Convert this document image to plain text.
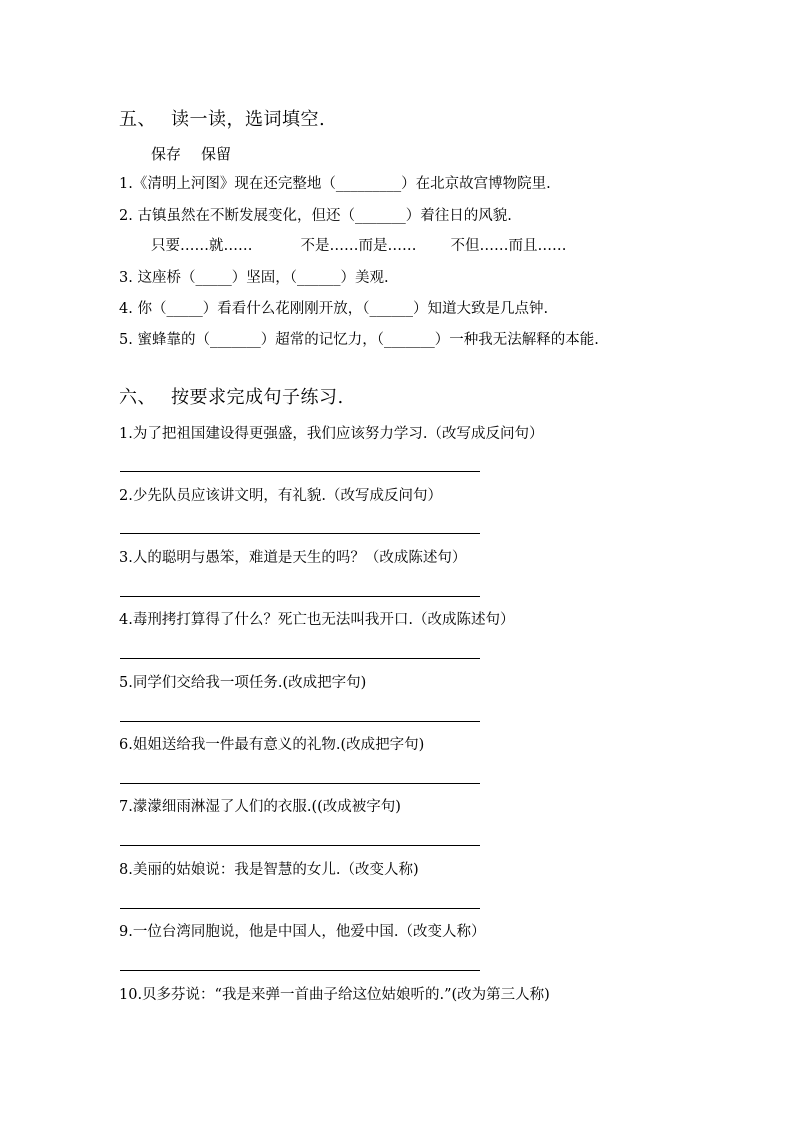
五、 读一读，选词填空.
保存 保留
1.《清明上河图》现在还完整地（_________）在北京故宫博物院里.
2. 古镇虽然在不断发展变化，但还（_______）着往日的风貌.
只要……就……	不是……而是…… 不但……而且……
3. 这座桥（_____）坚固，（______）美观.
4. 你（_____）看看什么花刚刚开放，（______）知道大致是几点钟.
5. 蜜蜂靠的（_______）超常的记忆力，（_______）一种我无法解释的本能.
六、 按要求完成句子练习.
1.为了把祖国建设得更强盛，我们应该努力学习.（改写成反问句）
2.少先队员应该讲文明，有礼貌.（改写成反问句）
3.人的聪明与愚笨，难道是天生的吗？（改成陈述句）
4.毒刑拷打算得了什么？死亡也无法叫我开口.（改成陈述句）
5.同学们交给我一项任务.(改成把字句)
6.姐姐送给我一件最有意义的礼物.(改成把字句)
7.濛濛细雨淋湿了人们的衣服.((改成被字句)
8.美丽的姑娘说：我是智慧的女儿.（改变人称)
9.一位台湾同胞说，他是中国人，他爱中国.（改变人称）
10.贝多芬说：“我是来弹一首曲子给这位姑娘听的.”(改为第三人称)
